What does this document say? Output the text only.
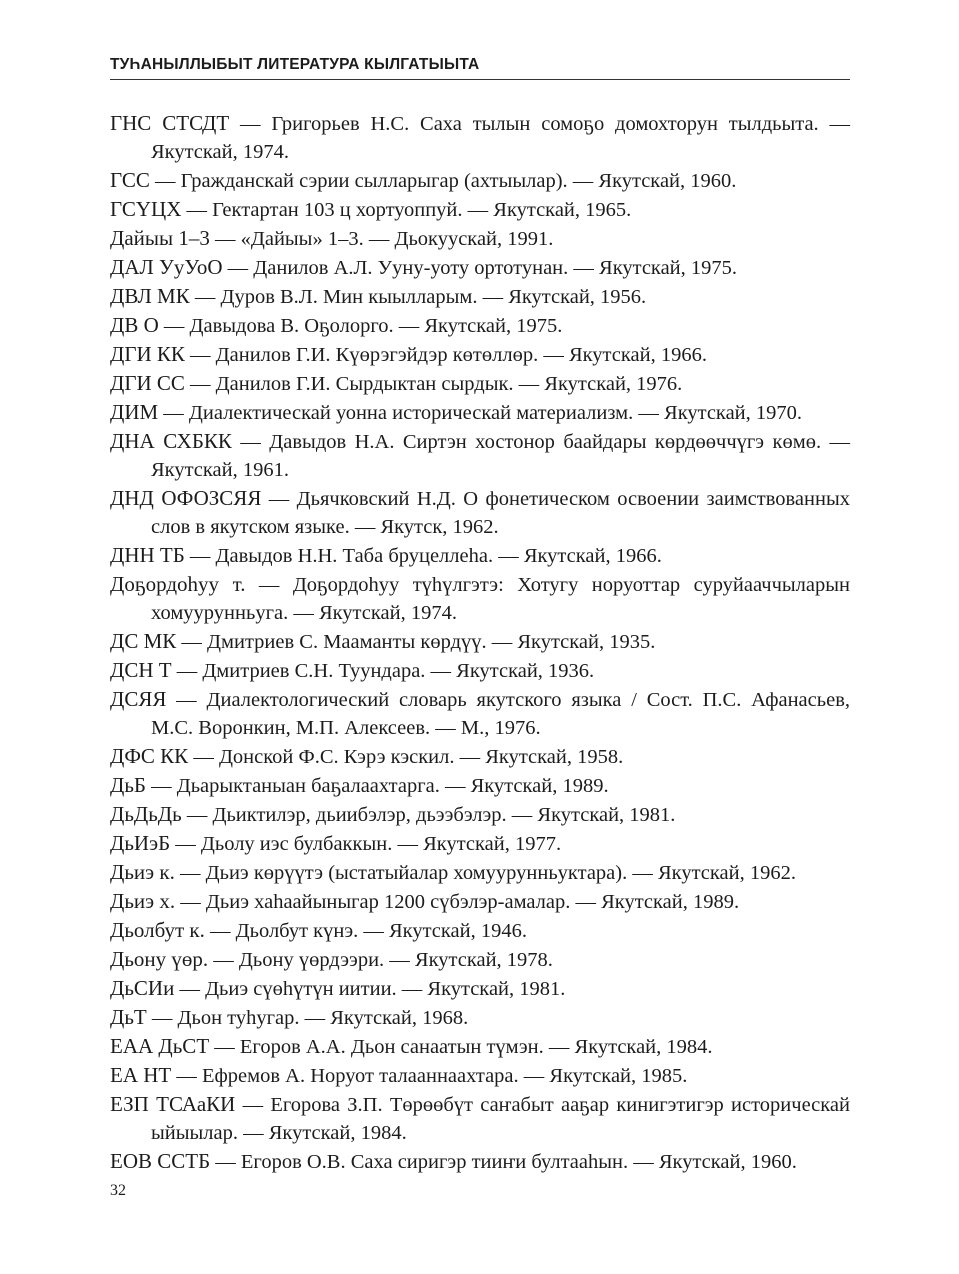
ТУҺАНЫЛЛЫБЫТ ЛИТЕРАТУРА КЫЛГАТЫЫТА
ГНС СТСДТ — Григорьев Н.С. Саха тылын сомоҕо домохторун тылдьыта. — Якутскай, 1974.
ГСС — Гражданскай сэрии сылларыгар (ахтыылар). — Якутскай, 1960.
ГСҮЦХ — Гектартан 103 ц хортуоппуй. — Якутскай, 1965.
Дайыы 1–3 — «Дайыы» 1–3. — Дьокуускай, 1991.
ДАЛ УуУоО — Данилов А.Л. Ууну-уоту ортотунан. — Якутскай, 1975.
ДВЛ МК — Дуров В.Л. Мин кыылларым. — Якутскай, 1956.
ДВ О — Давыдова В. Оҕолорго. — Якутскай, 1975.
ДГИ КК — Данилов Г.И. Күөрэгэйдэр көтөллөр. — Якутскай, 1966.
ДГИ СС — Данилов Г.И. Сырдыктан сырдык. — Якутскай, 1976.
ДИМ — Диалектическай уонна историческай материализм. — Якутскай, 1970.
ДНА СХБКК — Давыдов Н.А. Сиртэн хостонор баайдары көрдөөччүгэ көмө. — Якутскай, 1961.
ДНД ОФОЗСЯЯ — Дьячковский Н.Д. О фонетическом освоении заимствованных слов в якутском языке. — Якутск, 1962.
ДНН ТБ — Давыдов Н.Н. Таба бруцеллеһа. — Якутскай, 1966.
Доҕордоһуу т. — Доҕордоһуу түһүлгэтэ: Хотугу норуоттар суруйааччыларын хомуурунньуга. — Якутскай, 1974.
ДС МК — Дмитриев С. Мааманты көрдүү. — Якутскай, 1935.
ДСН Т — Дмитриев С.Н. Туундара. — Якутскай, 1936.
ДСЯЯ — Диалектологический словарь якутского языка / Сост. П.С. Афанасьев, М.С. Воронкин, М.П. Алексеев. — М., 1976.
ДФС КК — Донской Ф.С. Кэрэ кэскил. — Якутскай, 1958.
ДьБ — Дьарыктаныан баҕалаахтарга. — Якутскай, 1989.
ДьДьДь — Дьиктилэр, дьиибэлэр, дьээбэлэр. — Якутскай, 1981.
ДьИэБ — Дьолу иэс булбаккын. — Якутскай, 1977.
Дьиэ к. — Дьиэ көрүүтэ (ыстатыйалар хомуурунньуктара). — Якутскай, 1962.
Дьиэ х. — Дьиэ хаһаайыныгар 1200 сүбэлэр-амалар. — Якутскай, 1989.
Дьолбут к. — Дьолбут күнэ. — Якутскай, 1946.
Дьону үөр. — Дьону үөрдээри. — Якутскай, 1978.
ДьСИи — Дьиэ сүөһүтүн иитии. — Якутскай, 1981.
ДьТ — Дьон туһугар. — Якутскай, 1968.
ЕАА ДьСТ — Егоров А.А. Дьон санаатын түмэн. — Якутскай, 1984.
ЕА НТ — Ефремов А. Норуот талааннаахтара. — Якутскай, 1985.
ЕЗП ТСАаКИ — Егорова З.П. Төрөөбүт саҥабыт ааҕар кинигэтигэр историческай ыйыылар. — Якутскай, 1984.
ЕОВ ССТБ — Егоров О.В. Саха сиригэр тииҥи бултааһын. — Якутскай, 1960.
32
